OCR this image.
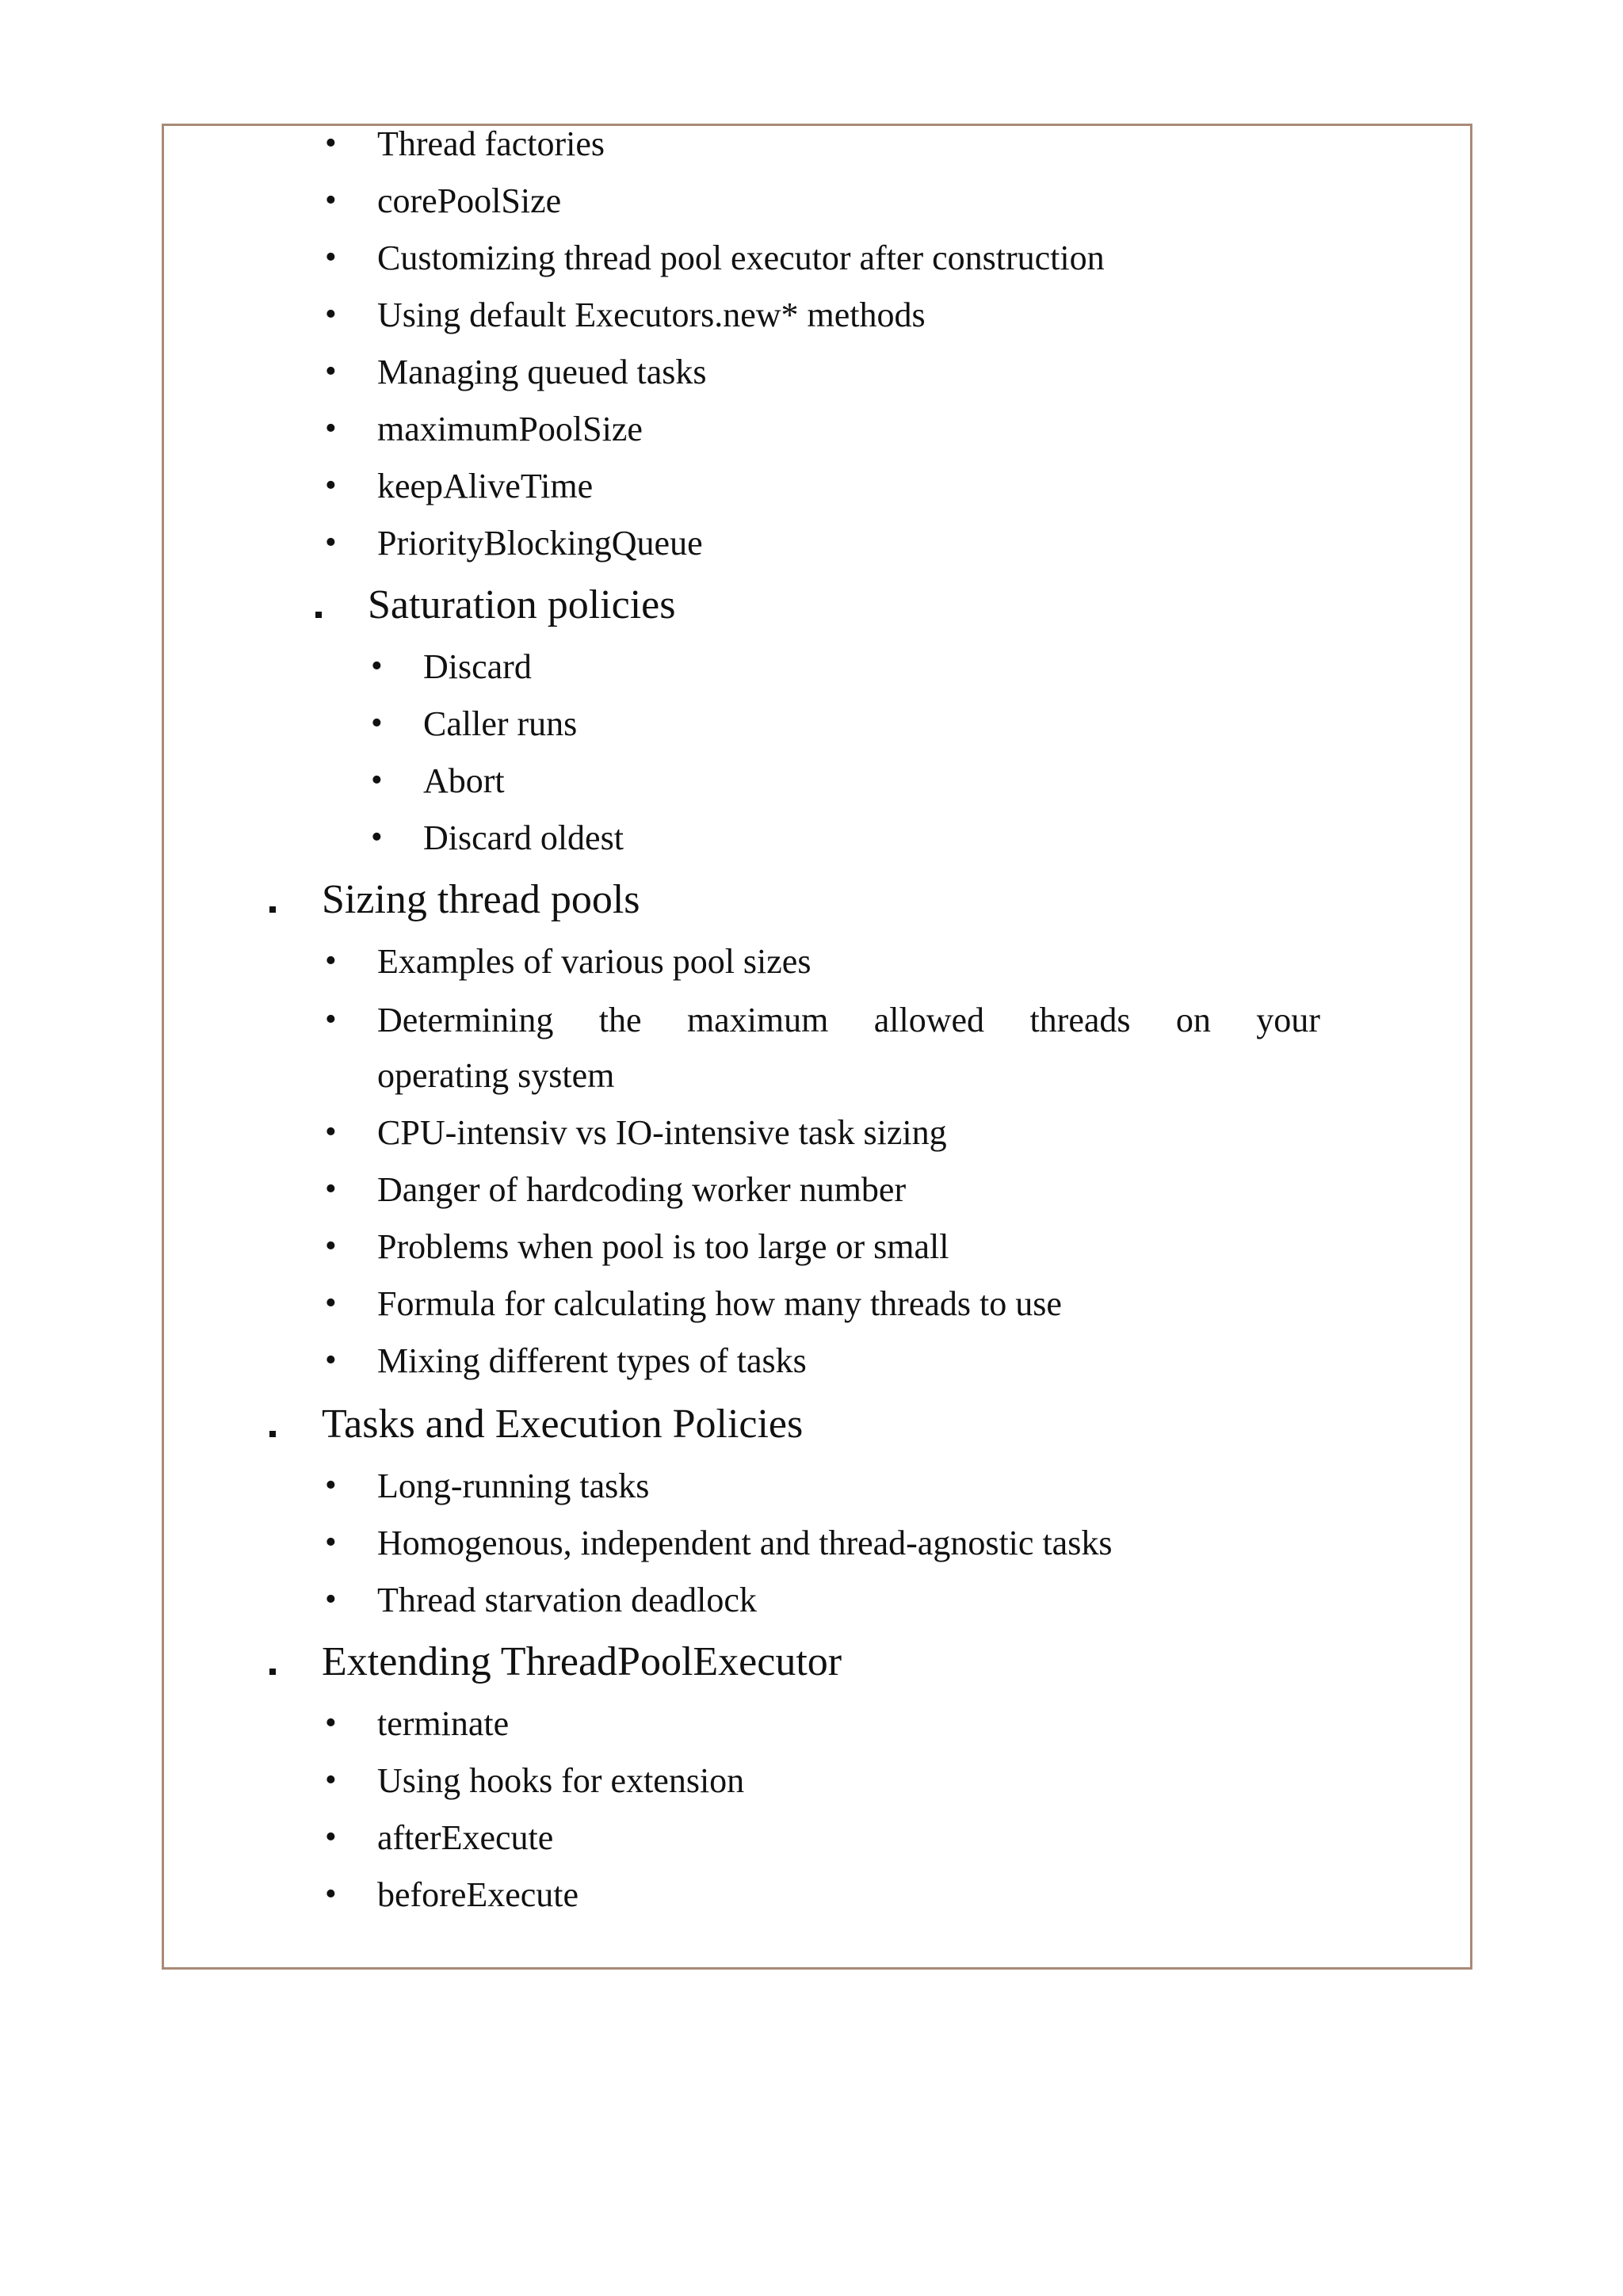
• Thread factories
• corePoolSize
• Customizing thread pool executor after construction
• Using default Executors.new* methods
• Managing queued tasks
• maximumPoolSize
• keepAliveTime
• PriorityBlockingQueue
Saturation policies
• Discard
• Caller runs
• Abort
• Discard oldest
Sizing thread pools
• Examples of various pool sizes
• Determining the maximum allowed threads on your
operating system
• CPU-intensiv vs IO-intensive task sizing
• Danger of hardcoding worker number
• Problems when pool is too large or small
• Formula for calculating how many threads to use
• Mixing different types of tasks
Tasks and Execution Policies
• Long-running tasks
• Homogenous, independent and thread-agnostic tasks
• Thread starvation deadlock
Extending ThreadPoolExecutor
• terminate
• Using hooks for extension
• afterExecute
• beforeExecute
